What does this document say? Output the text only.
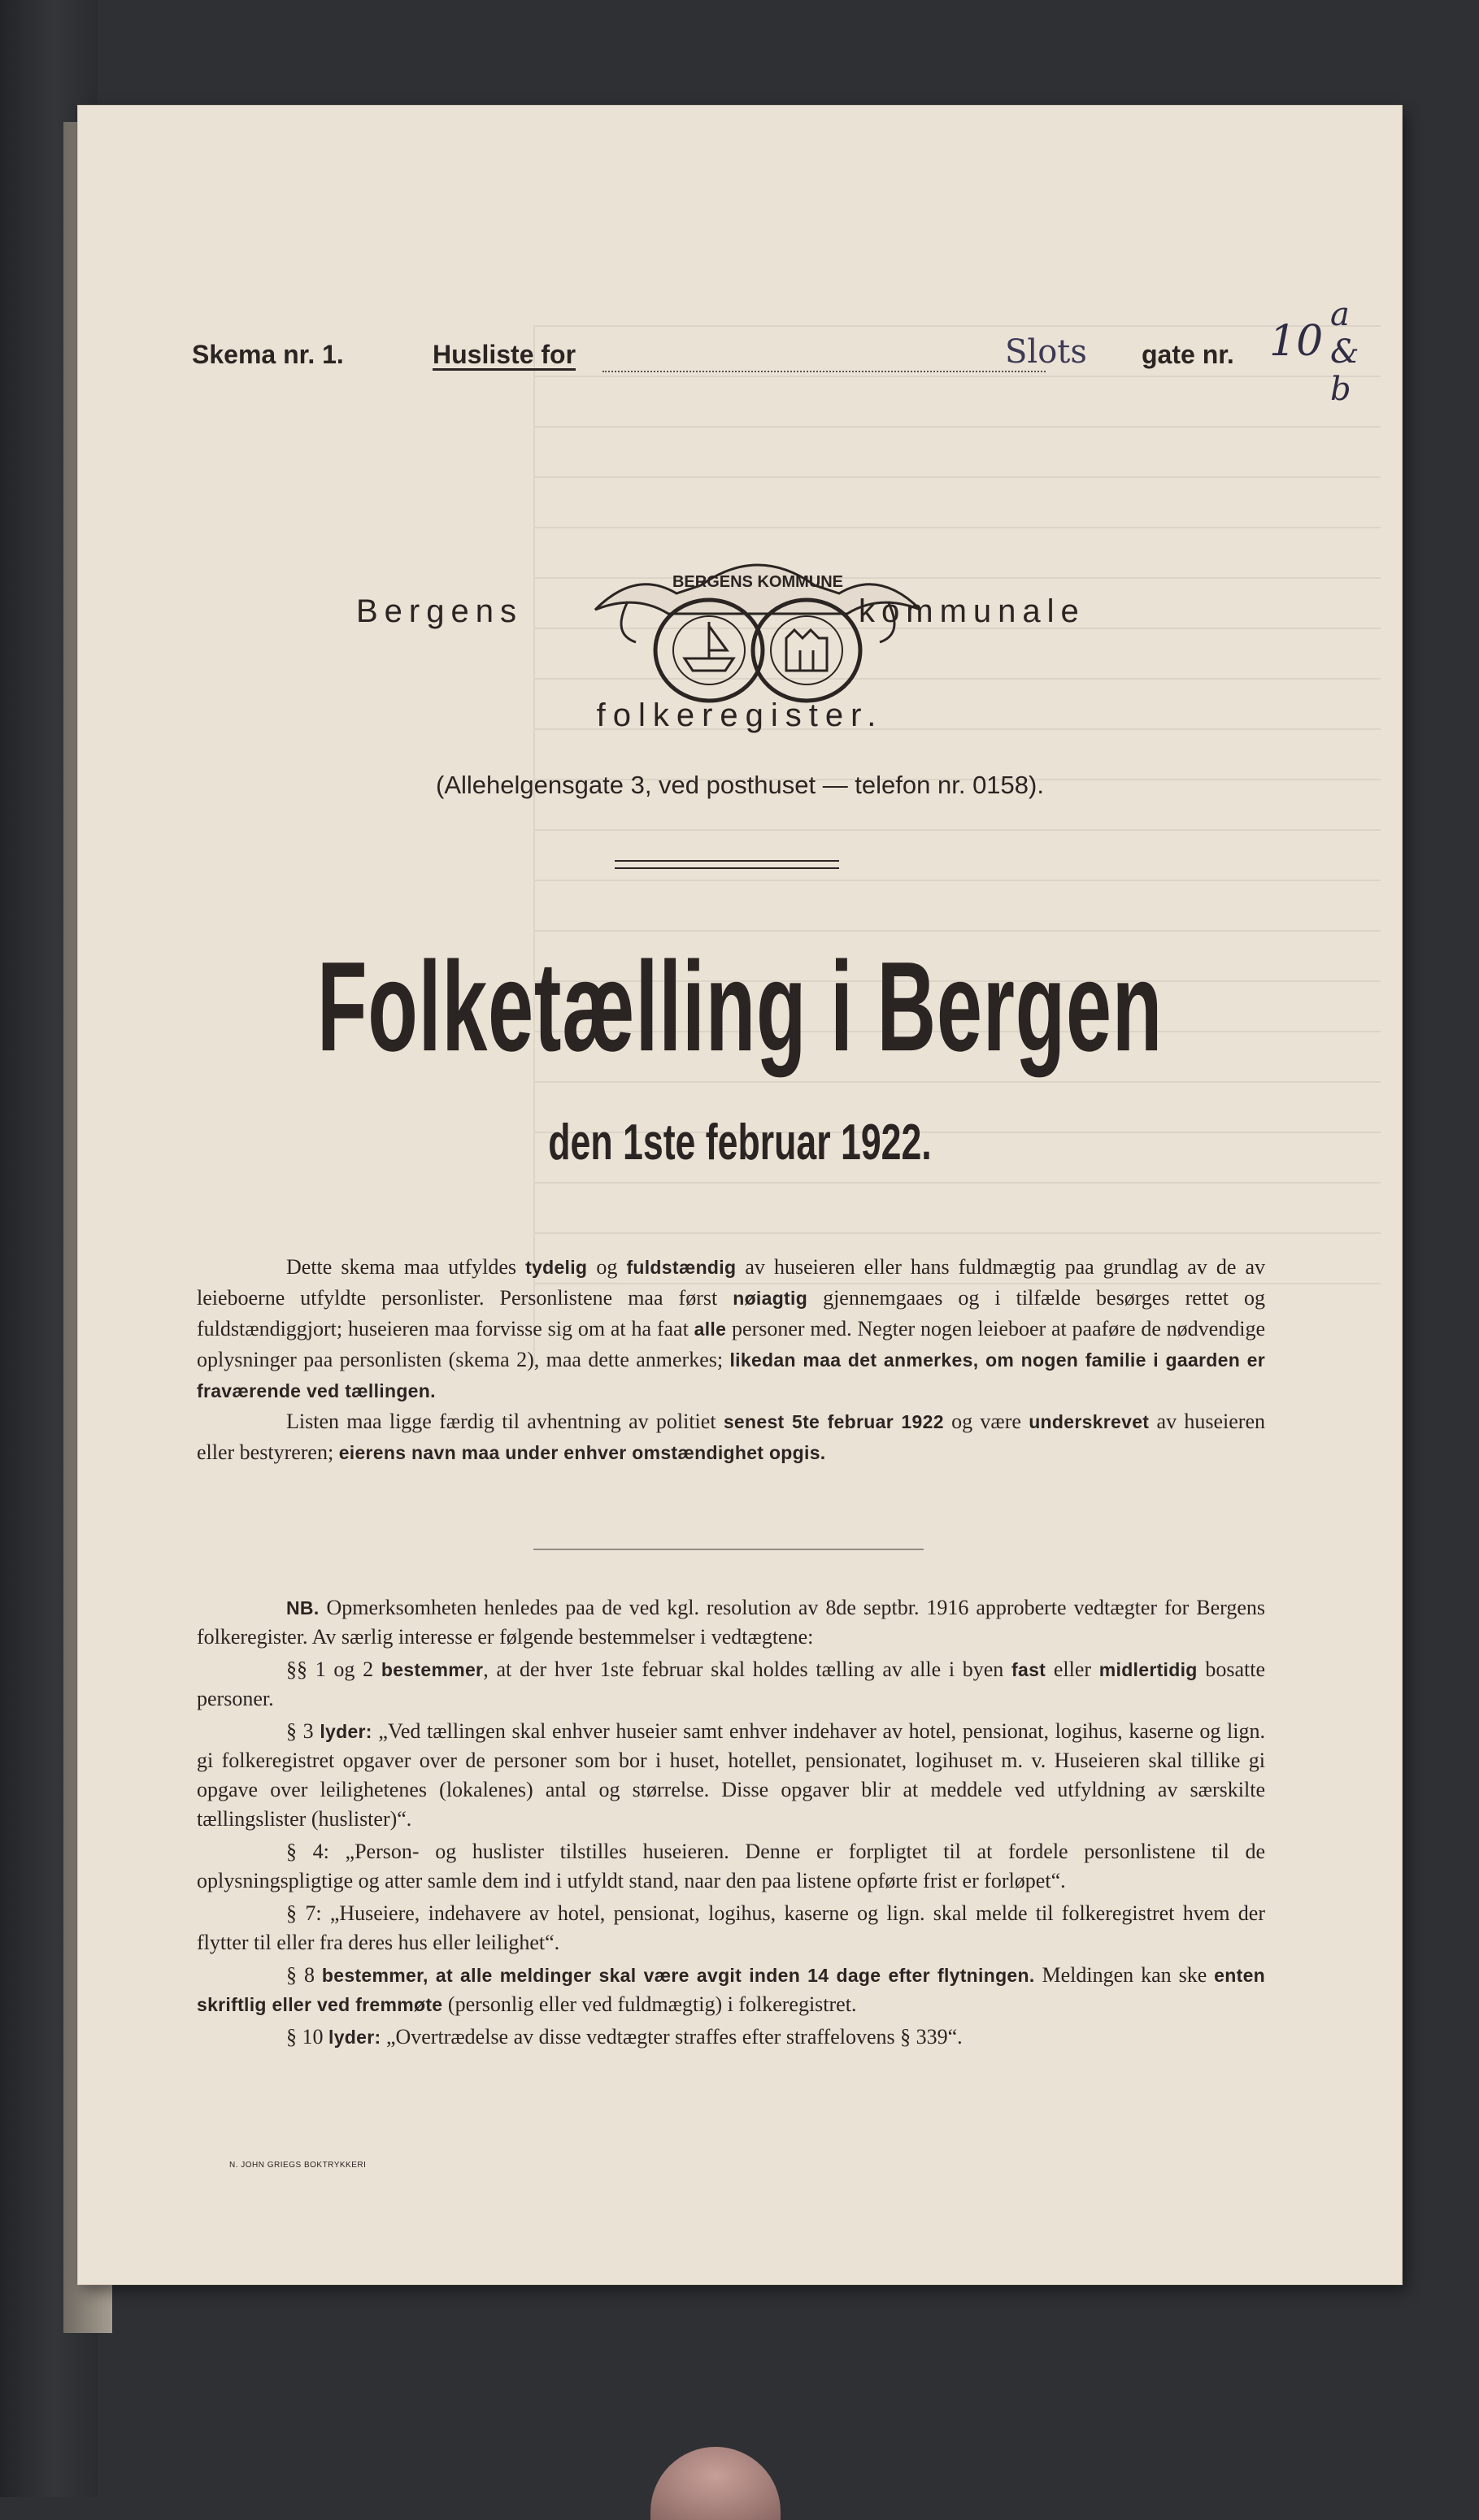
Skema nr. 1.	Husliste for	Slots gate nr. 10
a & b
BERGENS KOMMUNE
Bergens	kommunale
folkeregister.
(Allehelgensgate 3, ved posthuset — telefon nr. 0158).
Folketælling i Bergen
den 1ste februar 1922.

Dette skema maa utfyldes tydelig og fuldstændig av huseieren eller hans fuldmægtig paa grundlag av de av leieboerne utfyldte personlister. Personlistene maa først nøiagtig gjennemgaaes og i tilfælde besørges rettet og fuldstændiggjort; huseieren maa forvisse sig om at ha faat alle personer med. Negter nogen leieboer at paaføre de nødvendige oplysninger paa personlisten (skema 2), maa dette anmerkes; likedan maa det anmerkes, om nogen familie i gaarden er fraværende ved tællingen.

Listen maa ligge færdig til avhentning av politiet senest 5te februar 1922 og være underskrevet av huseieren eller bestyreren; eierens navn maa under enhver omstændighet opgis.

NB. Opmerksomheten henledes paa de ved kgl. resolution av 8de septbr. 1916 approberte vedtægter for Bergens folkeregister. Av særlig interesse er følgende bestemmelser i vedtægtene:

§§ 1 og 2 bestemmer, at der hver 1ste februar skal holdes tælling av alle i byen fast eller midlertidig bosatte personer.

§ 3 lyder: „Ved tællingen skal enhver huseier samt enhver indehaver av hotel, pensionat, logihus, kaserne og lign. gi folkeregistret opgaver over de personer som bor i huset, hotellet, pensionatet, logihuset m. v. Huseieren skal tillike gi opgave over leilighetenes (lokalenes) antal og størrelse. Disse opgaver blir at meddele ved utfyldning av særskilte tællingslister (huslister)“.

§ 4: „Person- og huslister tilstilles huseieren. Denne er forpligtet til at fordele personlistene til de oplysningspligtige og atter samle dem ind i utfyldt stand, naar den paa listene opførte frist er forløpet“.

§ 7: „Huseiere, indehavere av hotel, pensionat, logihus, kaserne og lign. skal melde til folkeregistret hvem der flytter til eller fra deres hus eller leilighet“.

§ 8 bestemmer, at alle meldinger skal være avgit inden 14 dage efter flytningen. Meldingen kan ske enten skriftlig eller ved fremmøte (personlig eller ved fuldmægtig) i folkeregistret.

§ 10 lyder: „Overtrædelse av disse vedtægter straffes efter straffelovens § 339“.

N. JOHN GRIEGS BOKTRYKKERI
